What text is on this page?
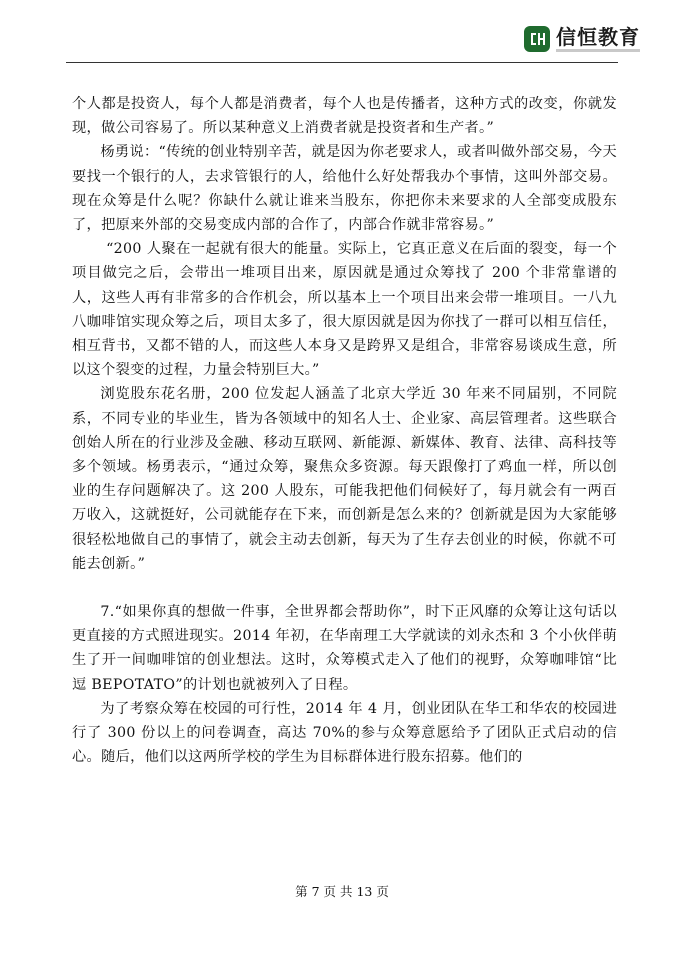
信恒教育

个人都是投资人，每个人都是消费者，每个人也是传播者，这种方式的改变，你就发现，做公司容易了。所以某种意义上消费者就是投资者和生产者。”

杨勇说：“传统的创业特别辛苦，就是因为你老要求人，或者叫做外部交易，今天要找一个银行的人，去求管银行的人，给他什么好处帮我办个事情，这叫外部交易。现在众筹是什么呢？你缺什么就让谁来当股东，你把你未来要求的人全部变成股东了，把原来外部的交易变成内部的合作了，内部合作就非常容易。”

“200 人聚在一起就有很大的能量。实际上，它真正意义在后面的裂变，每一个项目做完之后，会带出一堆项目出来，原因就是通过众筹找了 200 个非常靠谱的人，这些人再有非常多的合作机会，所以基本上一个项目出来会带一堆项目。一八九八咖啡馆实现众筹之后，项目太多了，很大原因就是因为你找了一群可以相互信任，相互背书，又都不错的人，而这些人本身又是跨界又是组合，非常容易谈成生意，所以这个裂变的过程，力量会特别巨大。”

浏览股东花名册，200 位发起人涵盖了北京大学近 30 年来不同届别，不同院系，不同专业的毕业生，皆为各领域中的知名人士、企业家、高层管理者。这些联合创始人所在的行业涉及金融、移动互联网、新能源、新媒体、教育、法律、高科技等多个领域。杨勇表示，“通过众筹，聚焦众多资源。每天跟像打了鸡血一样，所以创业的生存问题解决了。这 200 人股东，可能我把他们伺候好了，每月就会有一两百万收入，这就挺好，公司就能存在下来，而创新是怎么来的？创新就是因为大家能够很轻松地做自己的事情了，就会主动去创新，每天为了生存去创业的时候，你就不可能去创新。”

7.“如果你真的想做一件事，全世界都会帮助你”，时下正风靡的众筹让这句话以更直接的方式照进现实。2014 年初，在华南理工大学就读的刘永杰和 3 个小伙伴萌生了开一间咖啡馆的创业想法。这时，众筹模式走入了他们的视野，众筹咖啡馆“比逗 BEPOTATO”的计划也就被列入了日程。

为了考察众筹在校园的可行性，2014 年 4 月，创业团队在华工和华农的校园进行了 300 份以上的问卷调查，高达 70%的参与众筹意愿给予了团队正式启动的信心。随后，他们以这两所学校的学生为目标群体进行股东招募。他们的

第 7 页 共 13 页
